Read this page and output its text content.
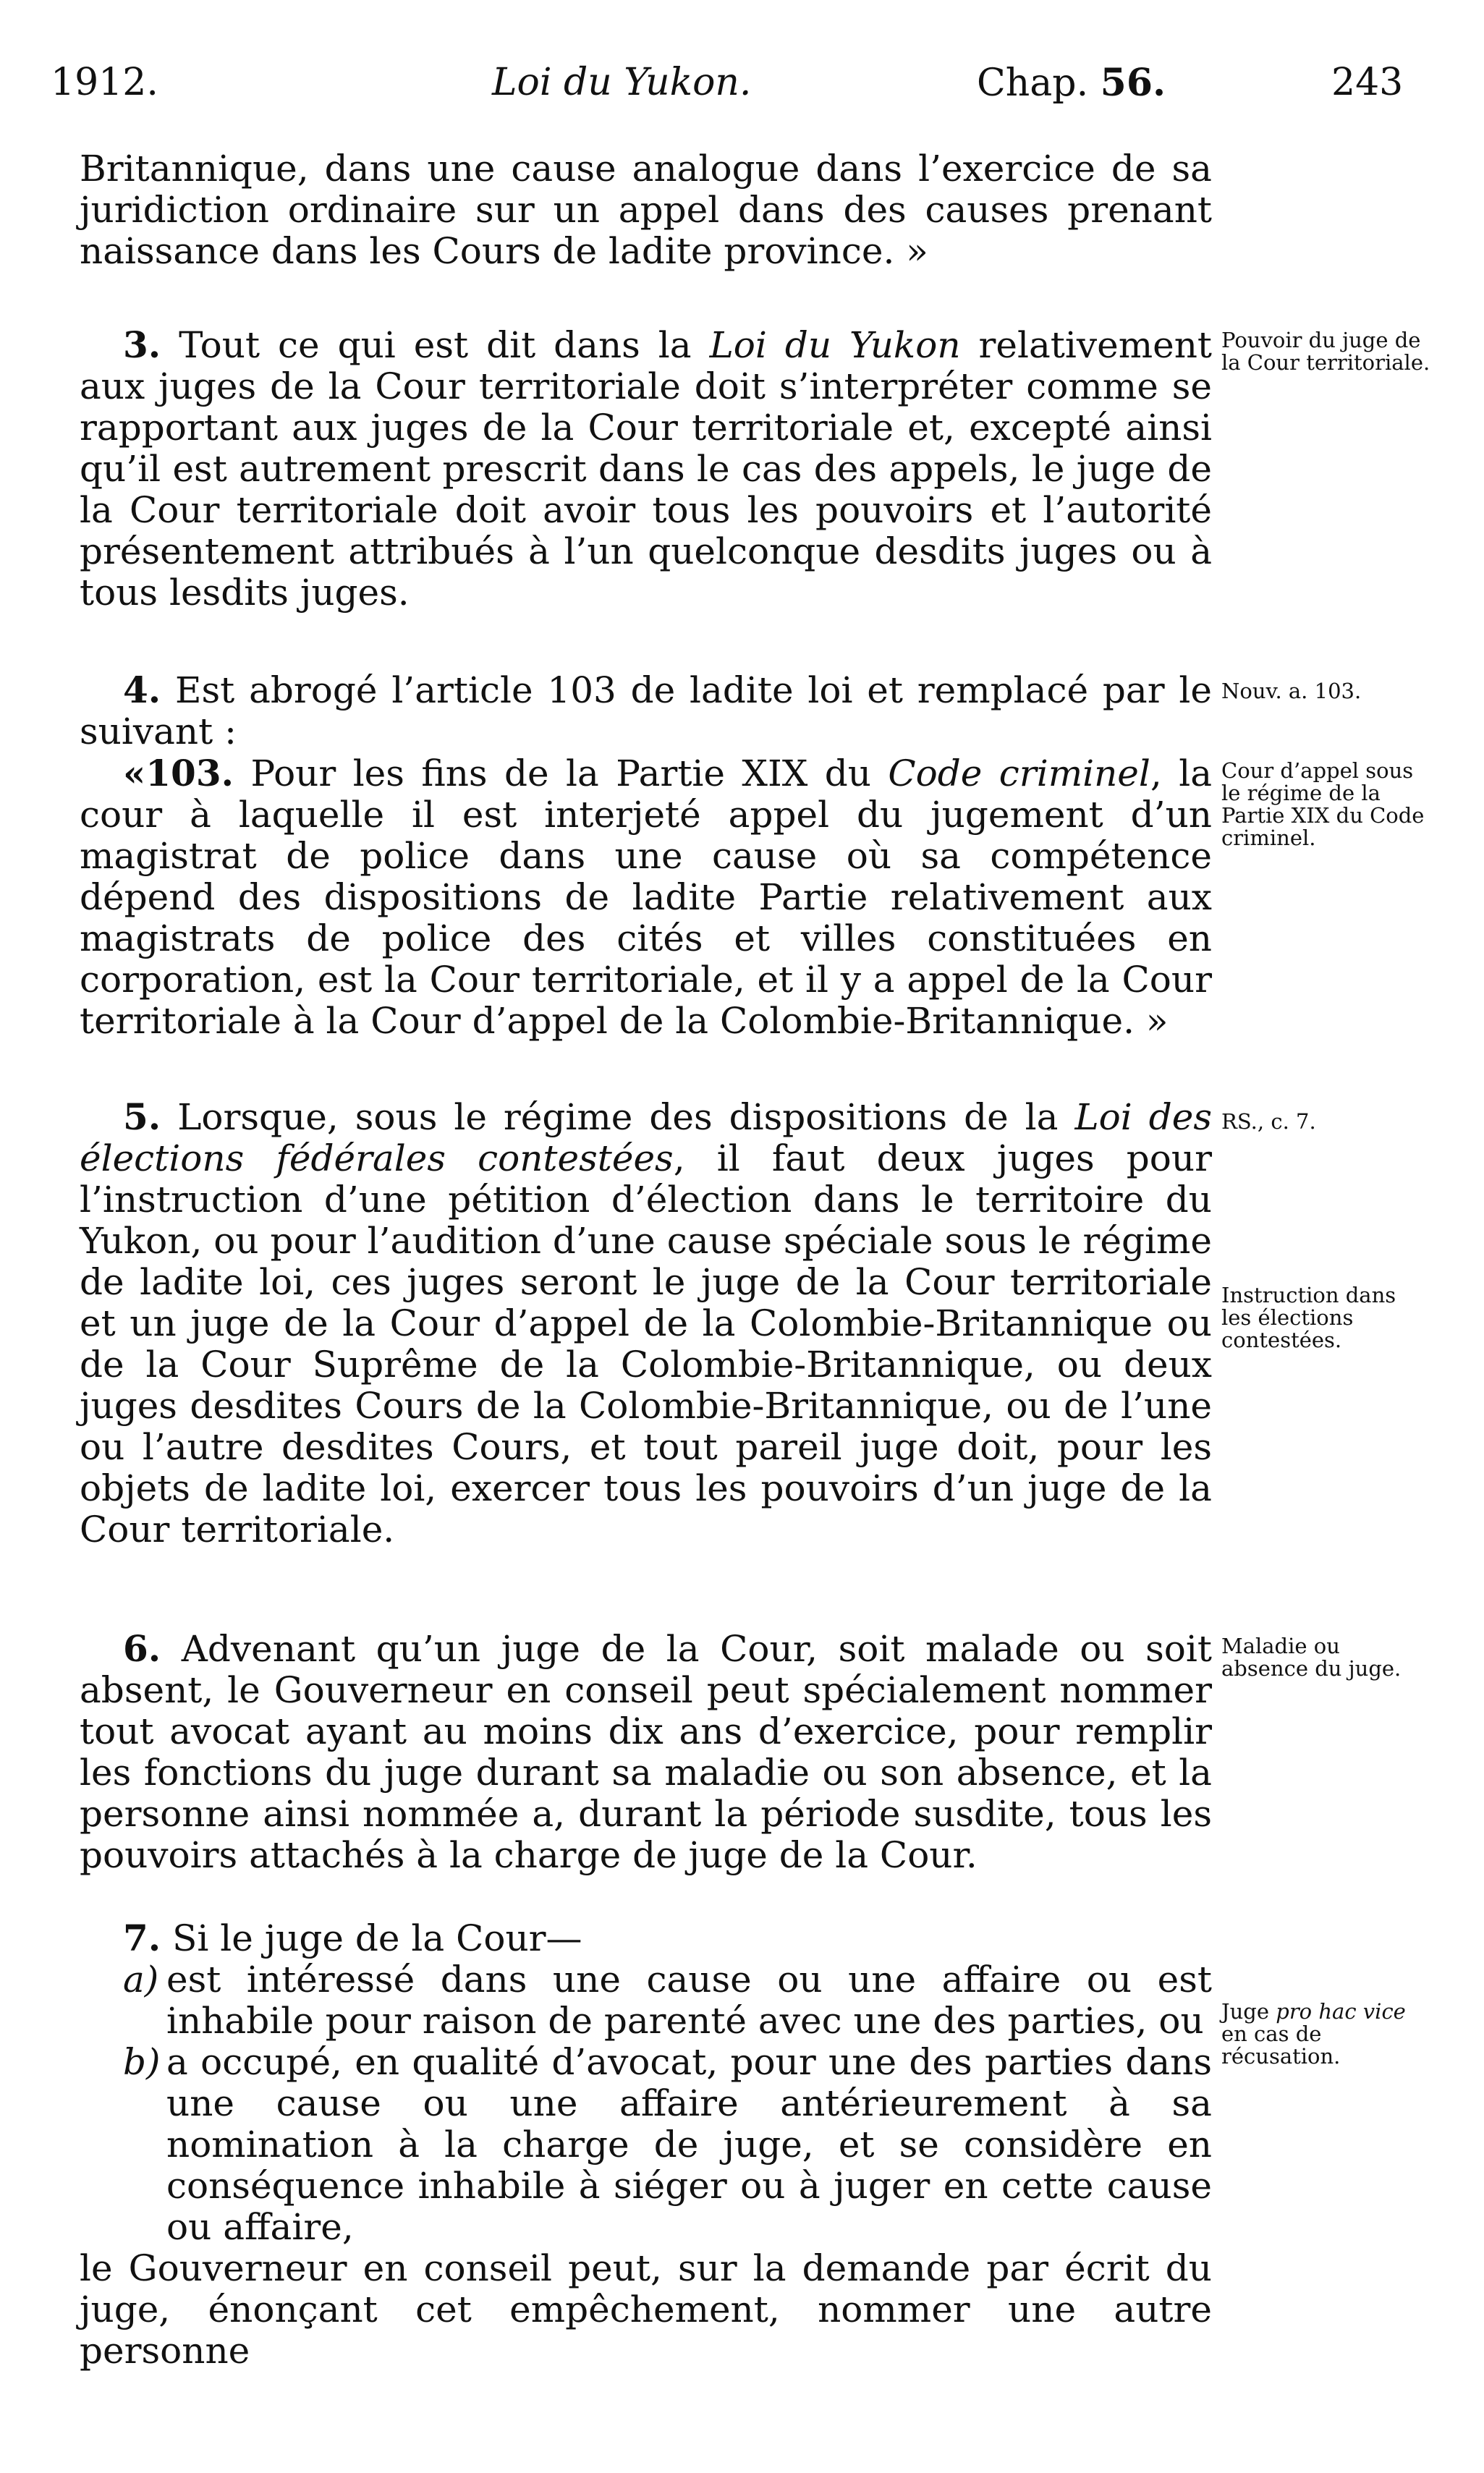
1912.	Loi du Yukon.	Chap. 56.	243

Britannique, dans une cause analogue dans l’exercice de sa juridiction ordinaire sur un appel dans des causes prenant naissance dans les Cours de ladite province. »

3. Tout ce qui est dit dans la Loi du Yukon relativement aux juges de la Cour territoriale doit s’interpréter comme se rapportant aux juges de la Cour territoriale et, excepté ainsi qu’il est autrement prescrit dans le cas des appels, le juge de la Cour territoriale doit avoir tous les pouvoirs et l’autorité présentement attribués à l’un quelconque desdits juges ou à tous lesdits juges.

Pouvoir du juge de la Cour territoriale.

4. Est abrogé l’article 103 de ladite loi et remplacé par le suivant :

«103. Pour les fins de la Partie XIX du Code criminel, la cour à laquelle il est interjeté appel du jugement d’un magistrat de police dans une cause où sa compétence dépend des dispositions de ladite Partie relativement aux magistrats de police des cités et villes constituées en corporation, est la Cour territoriale, et il y a appel de la Cour territoriale à la Cour d’appel de la Colombie-Britannique. »

Nouv. a. 103.
Cour d’appel sous le régime de la Partie XIX du Code criminel.

5. Lorsque, sous le régime des dispositions de la Loi des élections fédérales contestées, il faut deux juges pour l’instruction d’une pétition d’élection dans le territoire du Yukon, ou pour l’audition d’une cause spéciale sous le régime de ladite loi, ces juges seront le juge de la Cour territoriale et un juge de la Cour d’appel de la Colombie-Britannique ou de la Cour Suprême de la Colombie-Britannique, ou deux juges desdites Cours de la Colombie-Britannique, ou de l’une ou l’autre desdites Cours, et tout pareil juge doit, pour les objets de ladite loi, exercer tous les pouvoirs d’un juge de la Cour territoriale.

RS., c. 7.
Instruction dans les élections contestées.

6. Advenant qu’un juge de la Cour, soit malade ou soit absent, le Gouverneur en conseil peut spécialement nommer tout avocat ayant au moins dix ans d’exercice, pour remplir les fonctions du juge durant sa maladie ou son absence, et la personne ainsi nommée a, durant la période susdite, tous les pouvoirs attachés à la charge de juge de la Cour.

Maladie ou absence du juge.

7. Si le juge de la Cour—

a) est intéressé dans une cause ou une affaire ou est inhabile pour raison de parenté avec une des parties, ou
b) a occupé, en qualité d’avocat, pour une des parties dans une cause ou une affaire antérieurement à sa nomination à la charge de juge, et se considère en conséquence inhabile à siéger ou à juger en cette cause ou affaire,

le Gouverneur en conseil peut, sur la demande par écrit du juge, énonçant cet empêchement, nommer une autre personne

Juge pro hac vice en cas de récusation.
